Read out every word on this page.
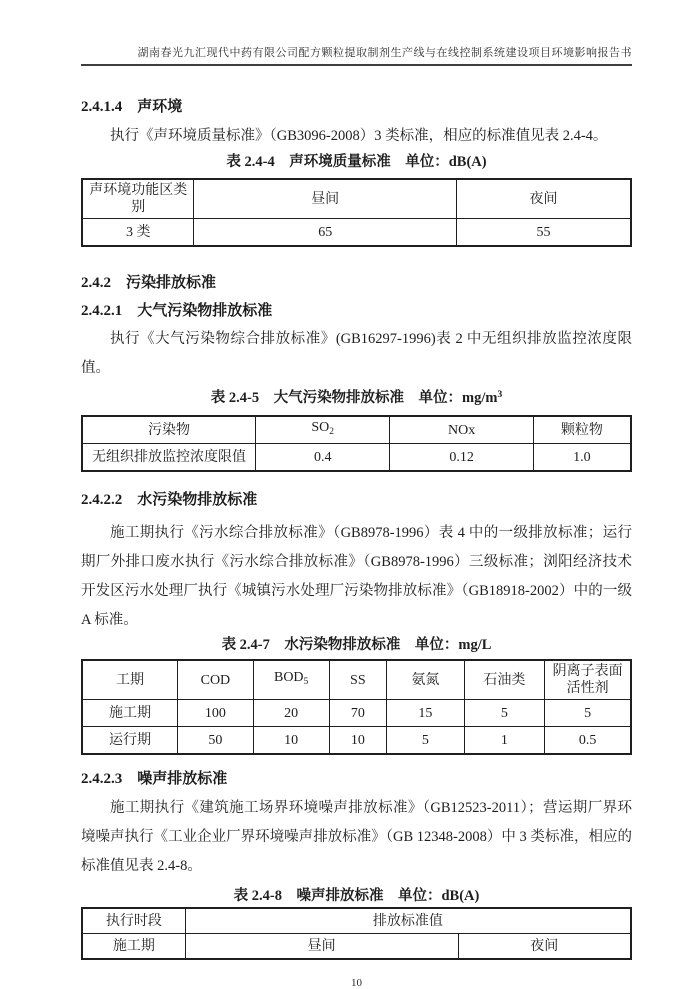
湖南春光九汇现代中药有限公司配方颗粒提取制剂生产线与在线控制系统建设项目环境影响报告书
2.4.1.4　声环境

执行《声环境质量标准》（GB3096-2008）3 类标准，相应的标准值见表 2.4-4。

表 2.4-4　声环境质量标准　单位：dB(A)
声环境功能区类别	昼间	夜间
3 类	65	55
2.4.2　污染排放标准
2.4.2.1　大气污染物排放标准

执行《大气污染物综合排放标准》(GB16297-1996)表 2 中无组织排放监控浓度限值。

表 2.4-5　大气污染物排放标准　单位：$mg/m^3$
污染物	$SO_2$	NOx	颗粒物
无组织排放监控浓度限值	0.4	0.12	1.0
2.4.2.2　水污染物排放标准

施工期执行《污水综合排放标准》（GB8978-1996）表 4 中的一级排放标准；运行期厂外排口废水执行《污水综合排放标准》（GB8978-1996）三级标准；浏阳经济技术开发区污水处理厂执行《城镇污水处理厂污染物排放标准》（GB18918-2002）中的一级 A 标准。

表 2.4-7　水污染物排放标准　单位：mg/L
工期	COD	$BOD_5$	SS	氨氮	石油类	阴离子表面活性剂
施工期	100	20	70	15	5	5
运行期	50	10	10	5	1	0.5
2.4.2.3　噪声排放标准

施工期执行《建筑施工场界环境噪声排放标准》（GB12523-2011）；营运期厂界环境噪声执行《工业企业厂界环境噪声排放标准》（GB 12348-2008）中 3 类标准，相应的标准值见表 2.4-8。

表 2.4-8　噪声排放标准　单位：dB(A)
执行时段	排放标准值	
施工期	昼间	夜间
10
